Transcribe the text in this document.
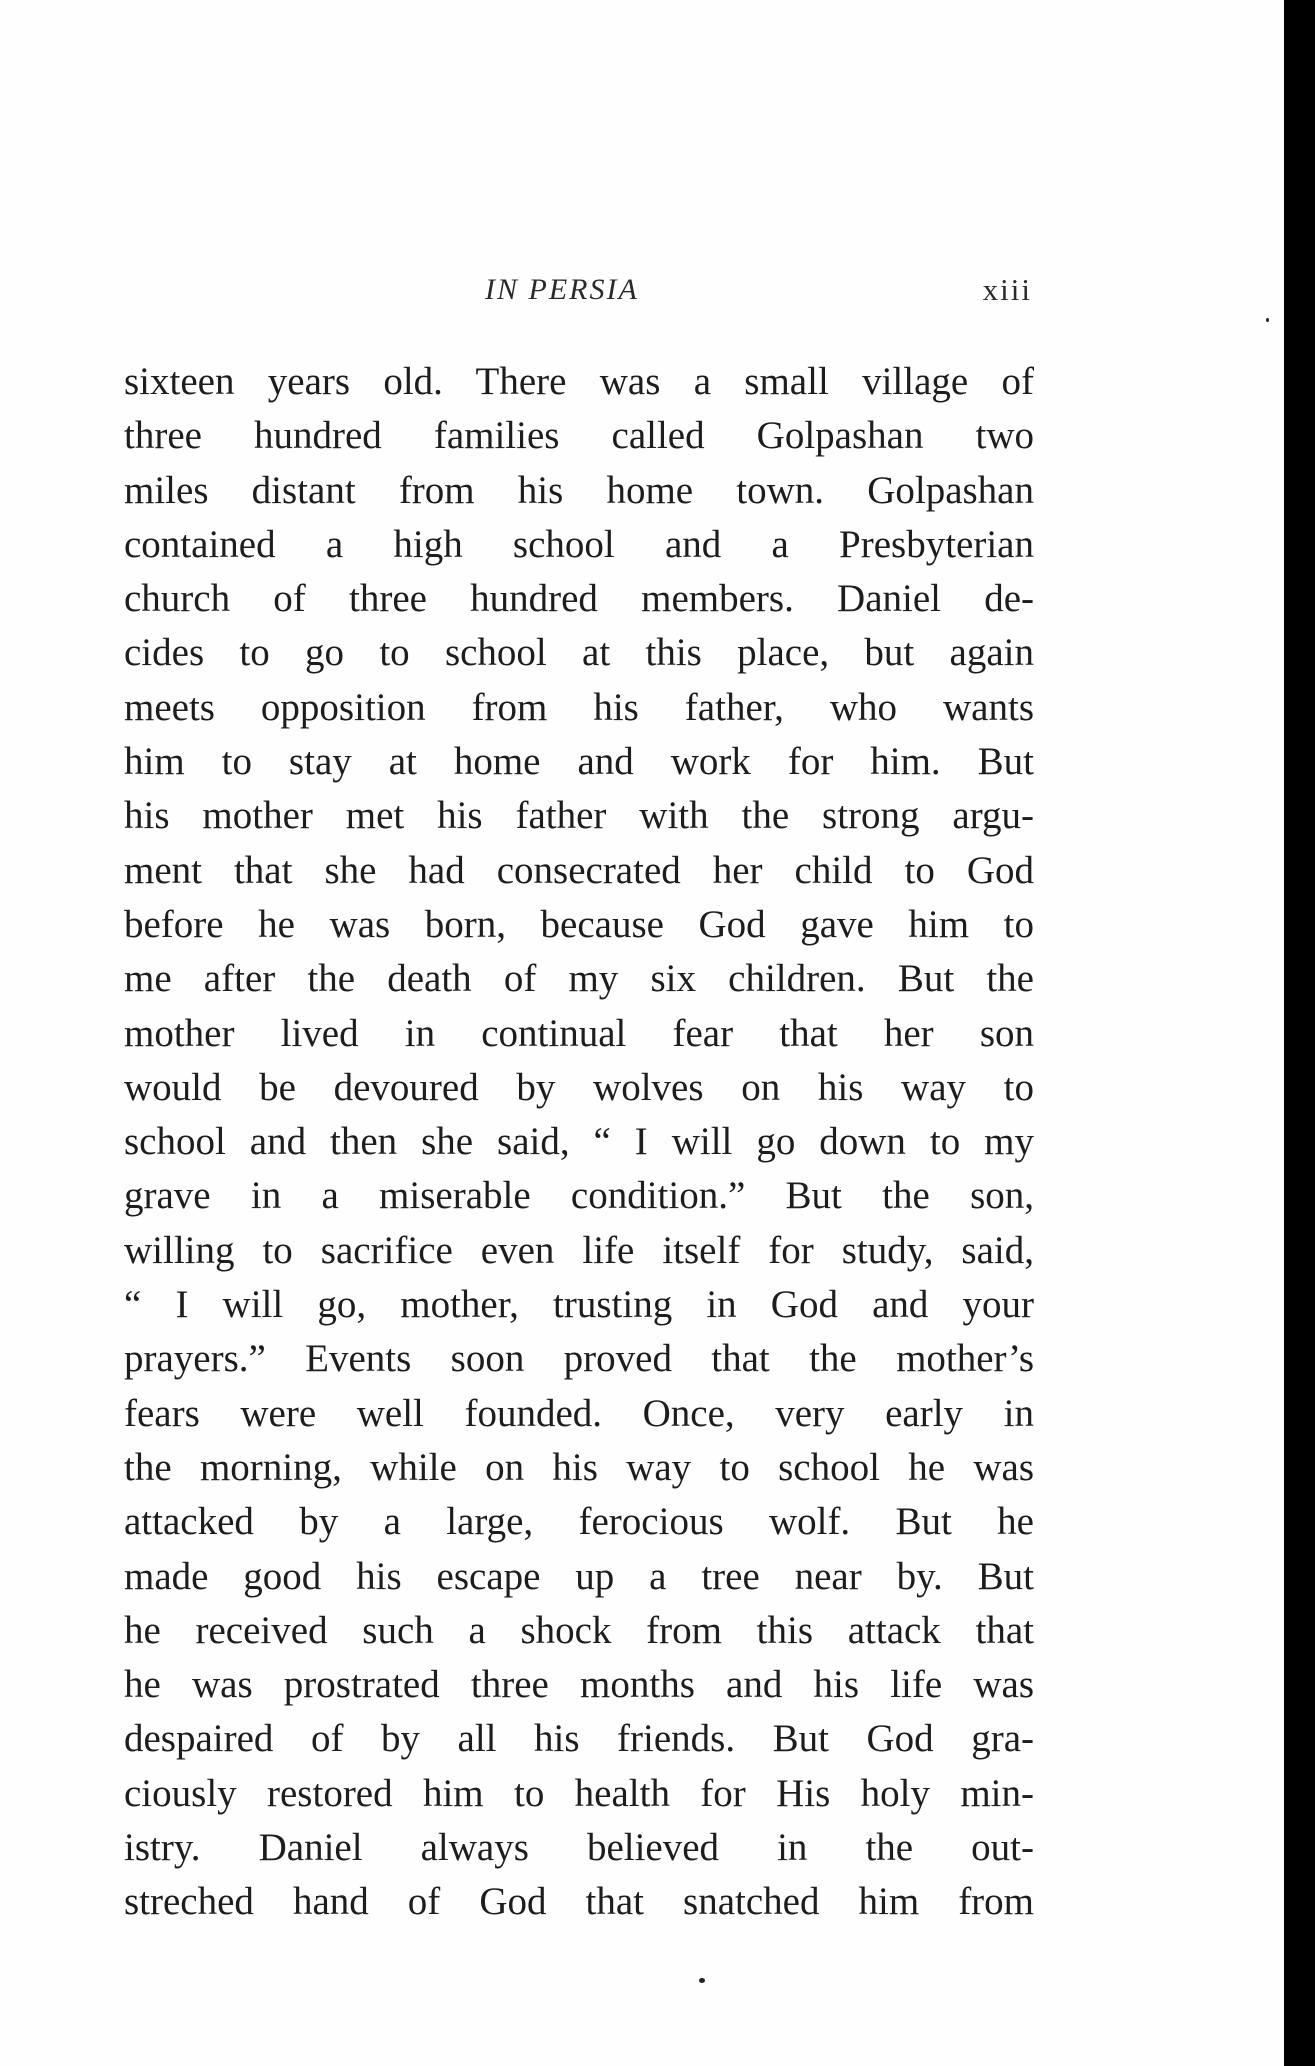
IN PERSIA	xiii
sixteen years old. There was a small village of
three hundred families called Golpashan two
miles distant from his home town. Golpashan
contained a high school and a Presbyterian
church of three hundred members. Daniel de-
cides to go to school at this place, but again
meets opposition from his father, who wants
him to stay at home and work for him. But
his mother met his father with the strong argu-
ment that she had consecrated her child to God
before he was born, because God gave him to
me after the death of my six children. But the
mother lived in continual fear that her son
would be devoured by wolves on his way to
school and then she said, “ I will go down to my
grave in a miserable condition.” But the son,
willing to sacrifice even life itself for study, said,
“ I will go, mother, trusting in God and your
prayers.” Events soon proved that the mother’s
fears were well founded. Once, very early in
the morning, while on his way to school he was
attacked by a large, ferocious wolf. But he
made good his escape up a tree near by. But
he received such a shock from this attack that
he was prostrated three months and his life was
despaired of by all his friends. But God gra-
ciously restored him to health for His holy min-
istry. Daniel always believed in the out-
streched hand of God that snatched him from
